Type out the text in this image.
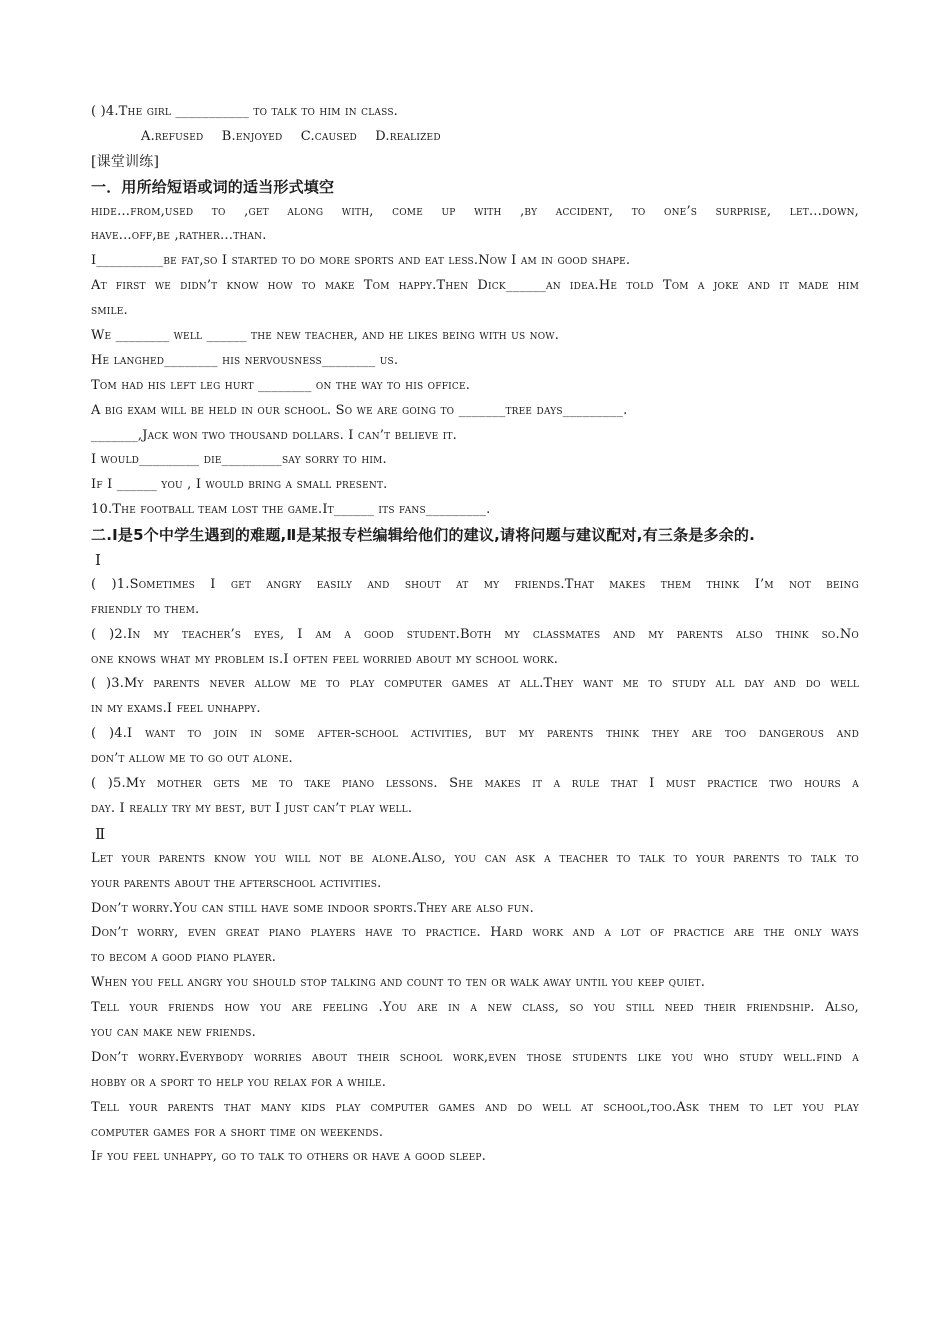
( )4.The girl ___________ to talk to him in class.
A.refused B.enjoyed C.caused D.realized
[课堂训练]
一．用所给短语或词的适当形式填空
hide…from,used to ,get along with, come up with ,by accident, to one’s surprise, let…down,
have...off,be ,rather…than.
I__________be fat,so I started to do more sports and eat less.Now I am in good shape.
At first we didn’t know how to make Tom happy.Then Dick______an idea.He told Tom a joke and it made him
smile.
We ________ well ______ the new teacher, and he likes being with us now.
He langhed________ his nervousness________ us.
Tom had his left leg hurt ________ on the way to his office.
A big exam will be held in our school. So we are going to _______tree days_________.
_______,Jack won two thousand dollars. I can’t believe it.
I would_________ die_________say sorry to him.
If I ______ you , I would bring a small present.
10.The football team lost the game.It______ its fans_________.
二.Ⅰ是5个中学生遇到的难题,Ⅱ是某报专栏编辑给他们的建议,请将问题与建议配对,有三条是多余的.
Ⅰ
( )1.Sometimes I get angry easily and shout at my friends.That makes them think I’m not being
friendly to them.
( )2.In my teacher’s eyes, I am a good student.Both my classmates and my parents also think so.No
one knows what my problem is.I often feel worried about my school work.
( )3.My parents never allow me to play computer games at all.They want me to study all day and do well
in my exams.I feel unhappy.
( )4.I want to join in some after-school activities, but my parents think they are too dangerous and
don’t allow me to go out alone.
( )5.My mother gets me to take piano lessons. She makes it a rule that I must practice two hours a
day. I really try my best, but I just can’t play well.
Ⅱ
Let your parents know you will not be alone.Also, you can ask a teacher to talk to your parents to talk to
your parents about the afterschool activities.
Don’t worry.You can still have some indoor sports.They are also fun.
Don’t worry, even great piano players have to practice. Hard work and a lot of practice are the only ways
to becom a good piano player.
When you fell angry you should stop talking and count to ten or walk away until you keep quiet.
Tell your friends how you are feeling .You are in a new class, so you still need their friendship. Also,
you can make new friends.
Don’t worry.Everybody worries about their school work,even those students like you who study well.find a
hobby or a sport to help you relax for a while.
Tell your parents that many kids play computer games and do well at school,too.Ask them to let you play
computer games for a short time on weekends.
If you feel unhappy, go to talk to others or have a good sleep.
